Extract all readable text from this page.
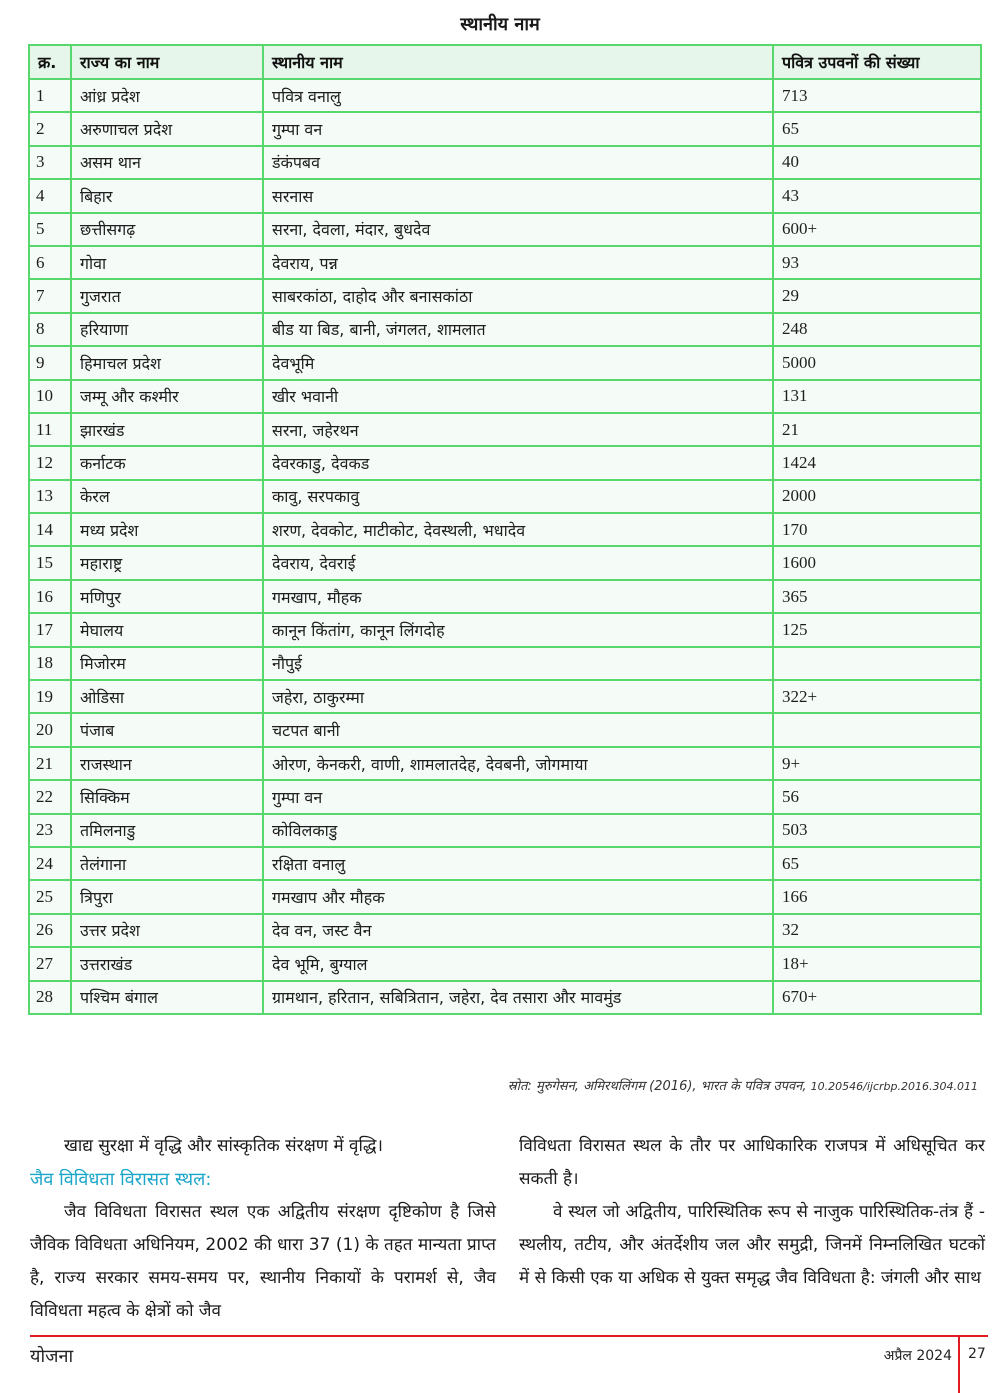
स्थानीय नाम
क्र.	राज्य का नाम	स्थानीय नाम	पवित्र उपवनों की संख्या
1	आंध्र प्रदेश	पवित्र वनालु	713
2	अरुणाचल प्रदेश	गुम्पा वन	65
3	असम थान	डंकंपबव	40
4	बिहार	सरनास	43
5	छत्तीसगढ़	सरना, देवला, मंदार, बुधदेव	600+
6	गोवा	देवराय, पन्न	93
7	गुजरात	साबरकांठा, दाहोद और बनासकांठा	29
8	हरियाणा	बीड या बिड, बानी, जंगलत, शामलात	248
9	हिमाचल प्रदेश	देवभूमि	5000
10	जम्मू और कश्मीर	खीर भवानी	131
11	झारखंड	सरना, जहेरथन	21
12	कर्नाटक	देवरकाडु, देवकड	1424
13	केरल	कावु, सरपकावु	2000
14	मध्य प्रदेश	शरण, देवकोट, माटीकोट, देवस्थली, भधादेव	170
15	महाराष्ट्र	देवराय, देवराई	1600
16	मणिपुर	गमखाप, मौहक	365
17	मेघालय	कानून किंतांग, कानून लिंगदोह	125
18	मिजोरम	नौपुई	
19	ओडिसा	जहेरा, ठाकुरम्मा	322+
20	पंजाब	चटपत बानी	
21	राजस्थान	ओरण, केनकरी, वाणी, शामलातदेह, देवबनी, जोगमाया	9+
22	सिक्किम	गुम्पा वन	56
23	तमिलनाडु	कोविलकाडु	503
24	तेलंगाना	रक्षिता वनालु	65
25	त्रिपुरा	गमखाप और मौहक	166
26	उत्तर प्रदेश	देव वन, जस्ट वैन	32
27	उत्तराखंड	देव भूमि, बुग्याल	18+
28	पश्चिम बंगाल	ग्रामथान, हरितान, सबित्रितान, जहेरा, देव तसारा और मावमुंड	670+
स्रोत: मुरुगेसन, अमिरथलिंगम (2016), भारत के पवित्र उपवन, 10.20546/ijcrbp.2016.304.011

खाद्य सुरक्षा में वृद्धि और सांस्कृतिक संरक्षण में वृद्धि।

जैव विविधता विरासत स्थल:

जैव विविधता विरासत स्थल एक अद्वितीय संरक्षण दृष्टिकोण है जिसे जैविक विविधता अधिनियम, 2002 की धारा 37 (1) के तहत मान्यता प्राप्त है, राज्य सरकार समय-समय पर, स्थानीय निकायों के परामर्श से, जैव विविधता महत्व के क्षेत्रों को जैव

विविधता विरासत स्थल के तौर पर आधिकारिक राजपत्र में अधिसूचित कर सकती है।

वे स्थल जो अद्वितीय, पारिस्थितिक रूप से नाजुक पारिस्थितिक-तंत्र हैं - स्थलीय, तटीय, और अंतर्देशीय जल और समुद्री, जिनमें निम्नलिखित घटकों में से किसी एक या अधिक से युक्त समृद्ध जैव विविधता है: जंगली और साथ

योजना	अप्रैल 2024 27
